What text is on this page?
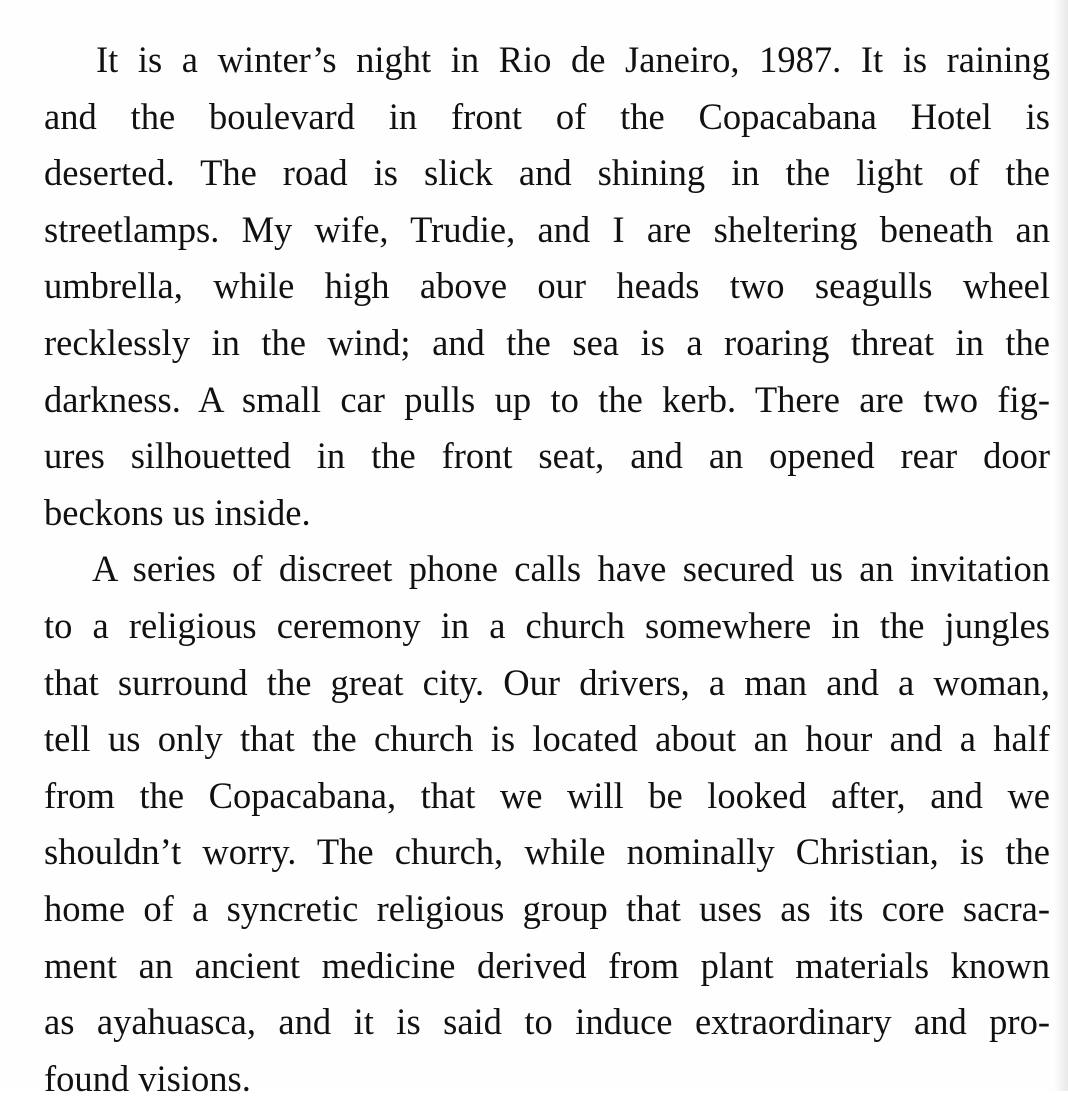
It is a winter’s night in Rio de Janeiro, 1987. It is raining
and the boulevard in front of the Copacabana Hotel is
deserted. The road is slick and shining in the light of the
streetlamps. My wife, Trudie, and I are sheltering beneath an
umbrella, while high above our heads two seagulls wheel
recklessly in the wind; and the sea is a roaring threat in the
darkness. A small car pulls up to the kerb. There are two fig-
ures silhouetted in the front seat, and an opened rear door
beckons us inside.
A series of discreet phone calls have secured us an invitation
to a religious ceremony in a church somewhere in the jungles
that surround the great city. Our drivers, a man and a woman,
tell us only that the church is located about an hour and a half
from the Copacabana, that we will be looked after, and we
shouldn’t worry. The church, while nominally Christian, is the
home of a syncretic religious group that uses as its core sacra-
ment an ancient medicine derived from plant materials known
as ayahuasca, and it is said to induce extraordinary and pro-
found visions.
